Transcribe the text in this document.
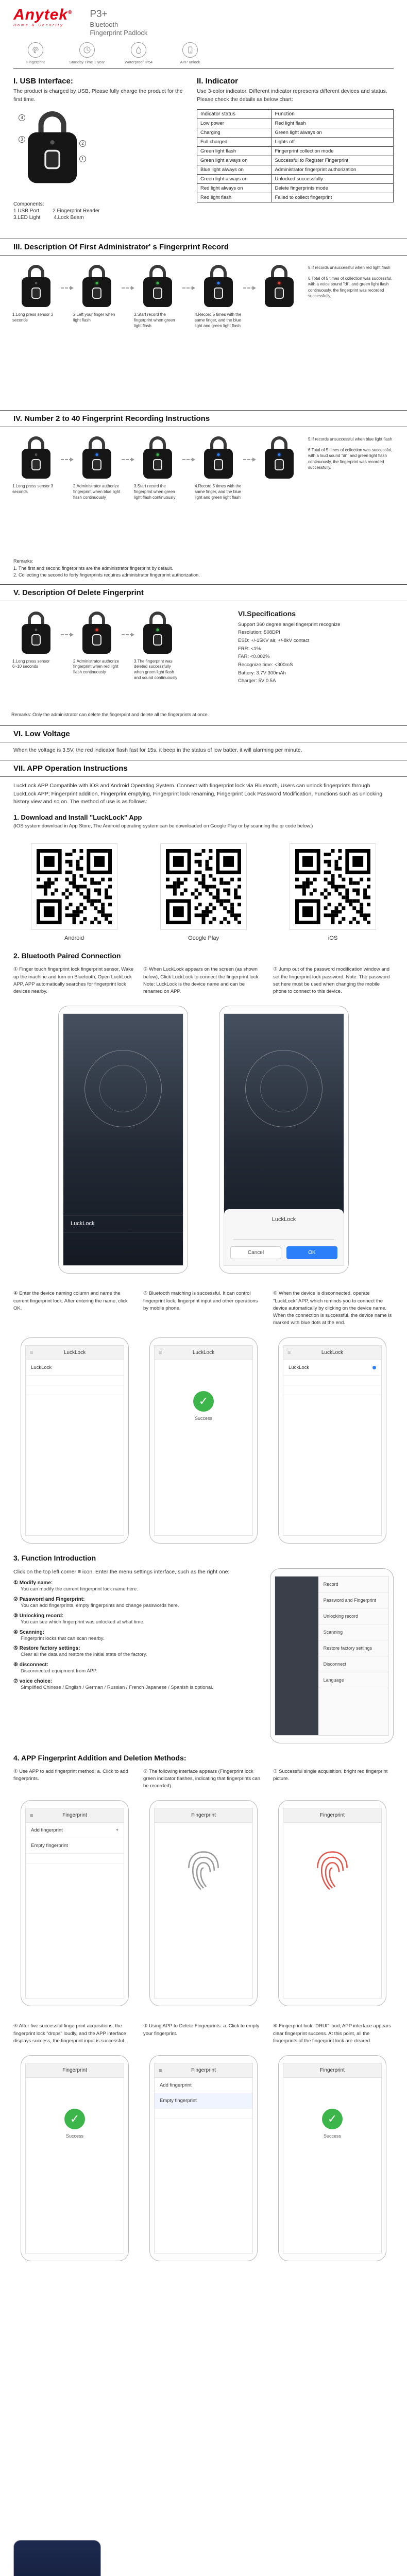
Anytek®
Home & Security
P3+
Bluetooth
Fingerprint Padlock
Fingerprint	Standby Time 1 year	Waterproof IP54	APP unlock
I. USB Interface:
The product is charged by USB, Please fully charge the product for the first time.
1
2
3
4
Components:
1.USB Port	2.Fingerprint Reader
3.LED Light	4.Lock Beam
II. Indicator
Use 3-color indicator, Different indicator represents different devices and status.
Please check the details as below chart:
Indicator status	Function
Low power	Red light flash
Charging	Green light always on
Full charged	Lights off
Green light flash	Fingerprint collection mode
Green light always on	Successful to Register Fingerprint
Blue light always on	Administrator fingerprint authorization
Green light always on	Unlocked successfully
Red light always on	Delete fingerprints mode
Red light flash	Failed to collect fingerprint
III. Description Of First Administrator' s Fingerprint Record
1.Long press sensor 3 seconds
2.Left your finger when light flash
3.Start record the fingerprint when green light flash
4.Record 5 times with the same finger, and the blue light and green light flash
5.If records unsuccessful when red light flash
6.Total of 5 times of collection was successful, with a voice sound "di", and green light flash continuously, the fingerprint was recorded successfully.
IV. Number 2 to 40 Fingerprint Recording Instructions
1.Long press sensor 3 seconds
2.Administrator authorize fingerprint when blue light flash continuously
3.Start record the fingerprint when green light flash continuously
4.Record 5 times with the same finger, and the blue light and green light flash
5.If records unsuccessful when blue light flash
6.Total of 5 times of collection was successful, with a loud sound "di", and green light flash continuously, the fingerprint was recorded successfully.
Remarks:
1. The first and second fingerprints are the administrator fingerprint by default.
2. Collecting the second to forty fingerprints requires administrator fingerprint authorization.
V. Description Of Delete Fingerprint
1.Long press sensor 6~10 seconds
2.Administrator authorize fingerprint when red light flash continuously
3.The fingerprint was deleted successfully when green light flash and sound continuously
Remarks: Only the administrator can delete the fingerprint and delete all the fingerprints at once.
VI.Specifications
Support 360 degree angel fingerprint recognize
Resolution: 508DPI
ESD: +/-15KV air, +/-8kV contact
FRR: <1%
FAR: <0.002%
Recognize time: <300mS
Battery: 3.7V 300mAh
Charger: 5V 0.5A
VI. Low Voltage
When the voltage is 3.5V, the red indicator flash fast for 15s, it beep in the status of low batter, it will alarming per minute.
VII. APP Operation Instructions
LuckLock APP Compatible with iOS and Android Operating System. Connect with fingerprint lock via Bluetooth, Users can unlock fingerprints through LuckLock APP; Fingerprint addition, Fingerprint emptying, Fingerprint lock renaming, Fingerprint Lock Password Modification, Functions such as unlocking history view and so on. The method of use is as follows:
1. Download and Install "LuckLock" App
(IOS system download in App Store, The Android operating system can be downloaded on Google Play or by scanning the qr code below.)
Android	Google Play	iOS
2. Bluetooth Paired Connection
① Finger touch fingerprint lock fingerprint sensor, Wake up the machine and turn on Bluetooth, Open LuckLock APP, APP automatically searches for fingerprint lock devices nearby.
② When LuckLock appears on the screen (as shown below), Click LuckLock to connect the fingerprint lock. Note: LuckLock is the device name and can be renamed on APP.
③ Jump out of the password modification window and set the fingerprint lock password. Note: The password set here must be used when changing the mobile phone to connect to this device.
LuckLock
LuckLock
Cancel	OK
④ Enter the device naming column and name the current fingerprint lock. After entering the name, click OK.
⑤ Bluetooth matching is successful. It can control fingerprint lock, fingerprint input and other operations by mobile phone.
⑥ When the device is disconnected, operate "LuckLock" APP, which reminds you to connect the device automatically by clicking on the device name. When the connection is successful, the device name is marked with blue dots at the end.
≡	LuckLock
LuckLock
≡	LuckLock
✓
Success
≡	LuckLock
LuckLock
3. Function Introduction
Click on the top left corner ≡ icon. Enter the menu settings interface, such as the right one:
① Modify name:
You can modify the current fingerprint lock name here.
② Password and Fingerprint:
You can add fingerprints, empty fingerprints and change passwords here.
③ Unlocking record:
You can see which fingerprint was unlocked at what time.
④ Scanning:
Fingerprint locks that can scan nearby.
⑤ Restore factory settings:
Clear all the data and restore the initial state of the factory.
⑥ disconnect:
Disconnected equipment from APP.
⑦ voice choice:
Simplified Chinese / English / German / Russian / French Japanese / Spanish is optional.
Record
Password and Fingerprint
Unlocking record
Scanning
Restore factory settings
Disconnect
Language
4. APP Fingerprint Addition and Deletion Methods:
① Use APP to add fingerprint method: a. Click to add fingerprints.
② The following interface appears (Fingerprint lock green indicator flashes, indicating that fingerprints can be recorded).
③ Successful single acquisition, bright red fingerprint picture.
≡	Fingerprint
Add fingerprint	+
Empty fingerprint
Fingerprint	Fingerprint
④ After five successful fingerprint acquisitions, the fingerprint lock "drops" loudly, and the APP interface displays success, the fingerprint input is successful.
⑤ Using APP to Delete Fingerprints: a. Click to empty your fingerprint.
⑥ Fingerprint lock "DRUI" loud, APP interface appears clear fingerprint success. At this point, all the fingerprints of the fingerprint lock are cleared.
Fingerprint
✓
Success
≡	Fingerprint
Add fingerprint
Empty fingerprint
Fingerprint
✓
Success
